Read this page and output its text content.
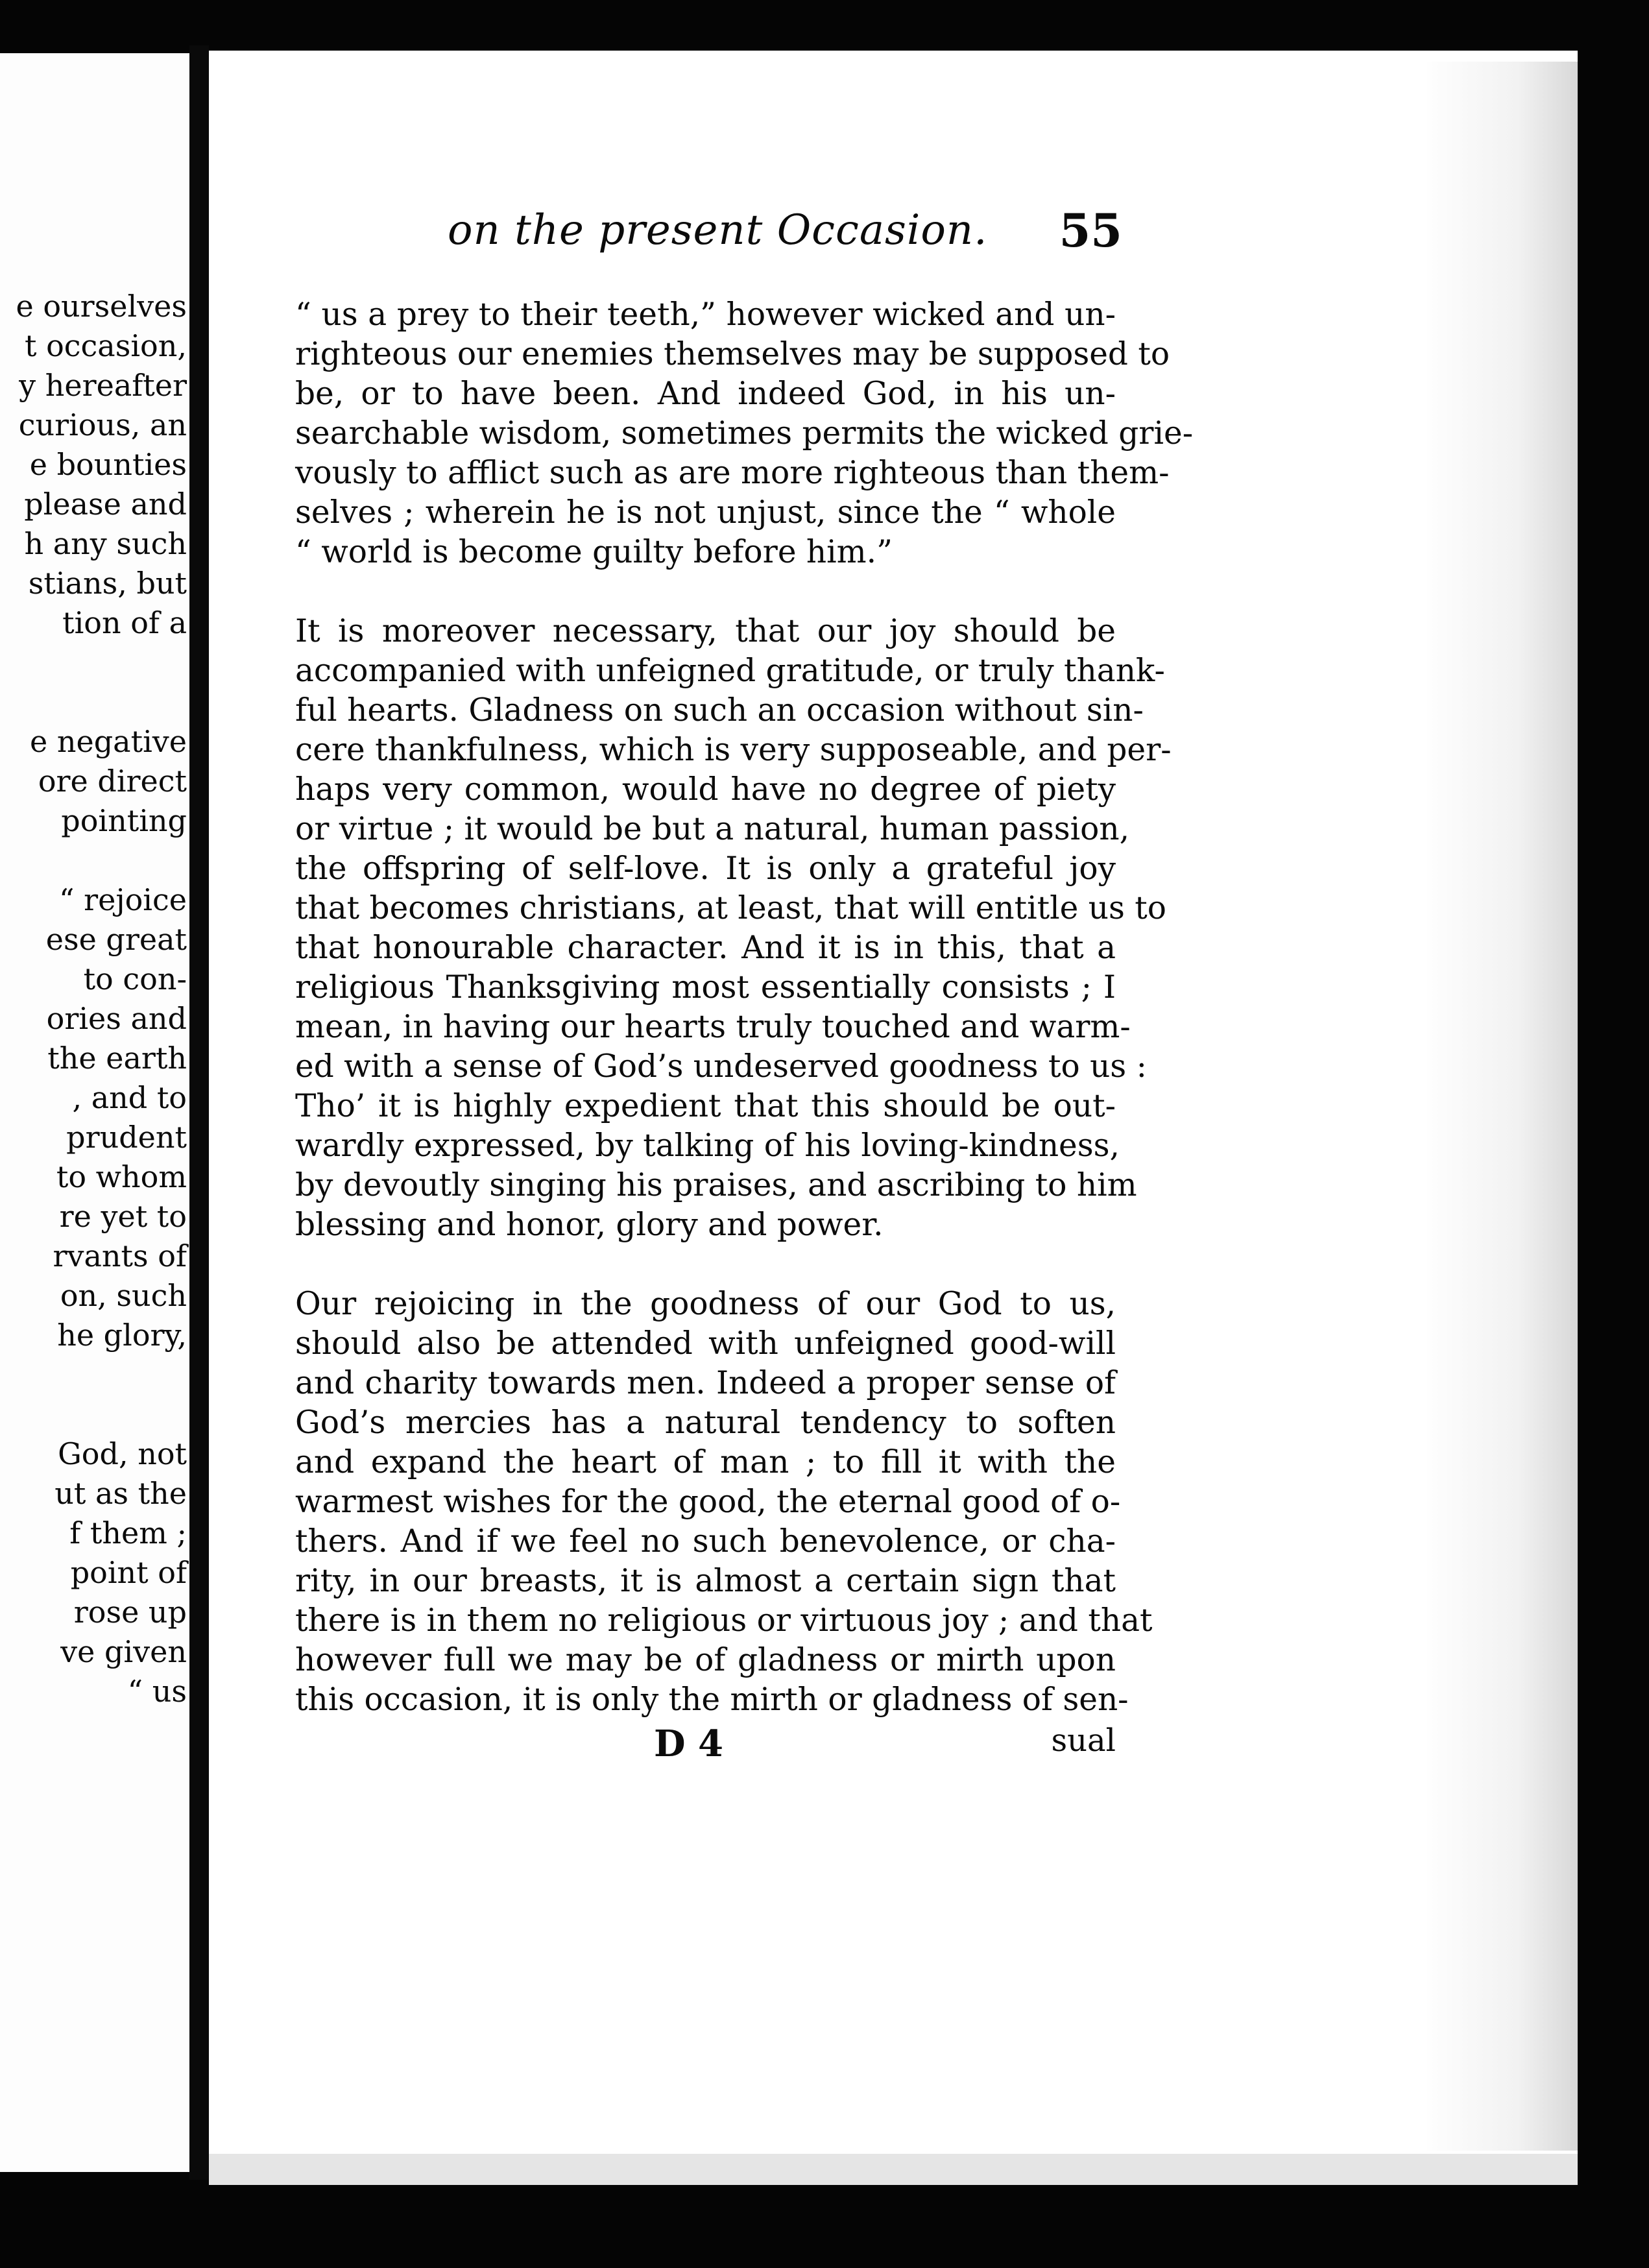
e ourselves
t occasion,
y hereafter
curious, an
e bounties
please and
h any such
stians, but
tion of a
e negative
ore direct
pointing
“ rejoice
ese great
to con-
ories and
the earth
, and to
prudent
to whom
re yet to
rvants of
on, such
he glory,
God, not
ut as the
f them ;
point of
rose up
ve given
“ us
on the present Occasion. 55
“ us a prey to their teeth,” however wicked and un-
righteous our enemies themselves may be supposed to
be, or to have been. And indeed God, in his un-
searchable wisdom, sometimes permits the wicked grie-
vously to afflict such as are more righteous than them-
selves ; wherein he is not unjust, since the “ whole
“ world is become guilty before him.”
It is moreover necessary, that our joy should be
accompanied with unfeigned gratitude, or truly thank-
ful hearts. Gladness on such an occasion without sin-
cere thankfulness, which is very supposeable, and per-
haps very common, would have no degree of piety
or virtue ; it would be but a natural, human passion,
the offspring of self-love. It is only a grateful joy
that becomes christians, at least, that will entitle us to
that honourable character. And it is in this, that a
religious Thanksgiving most essentially consists ; I
mean, in having our hearts truly touched and warm-
ed with a sense of God’s undeserved goodness to us :
Tho’ it is highly expedient that this should be out-
wardly expressed, by talking of his loving-kindness,
by devoutly singing his praises, and ascribing to him
blessing and honor, glory and power.
Our rejoicing in the goodness of our God to us,
should also be attended with unfeigned good-will
and charity towards men. Indeed a proper sense of
God’s mercies has a natural tendency to soften
and expand the heart of man ; to fill it with the
warmest wishes for the good, the eternal good of o-
thers. And if we feel no such benevolence, or cha-
rity, in our breasts, it is almost a certain sign that
there is in them no religious or virtuous joy ; and that
however full we may be of gladness or mirth upon
this occasion, it is only the mirth or gladness of sen-
D 4	sual
